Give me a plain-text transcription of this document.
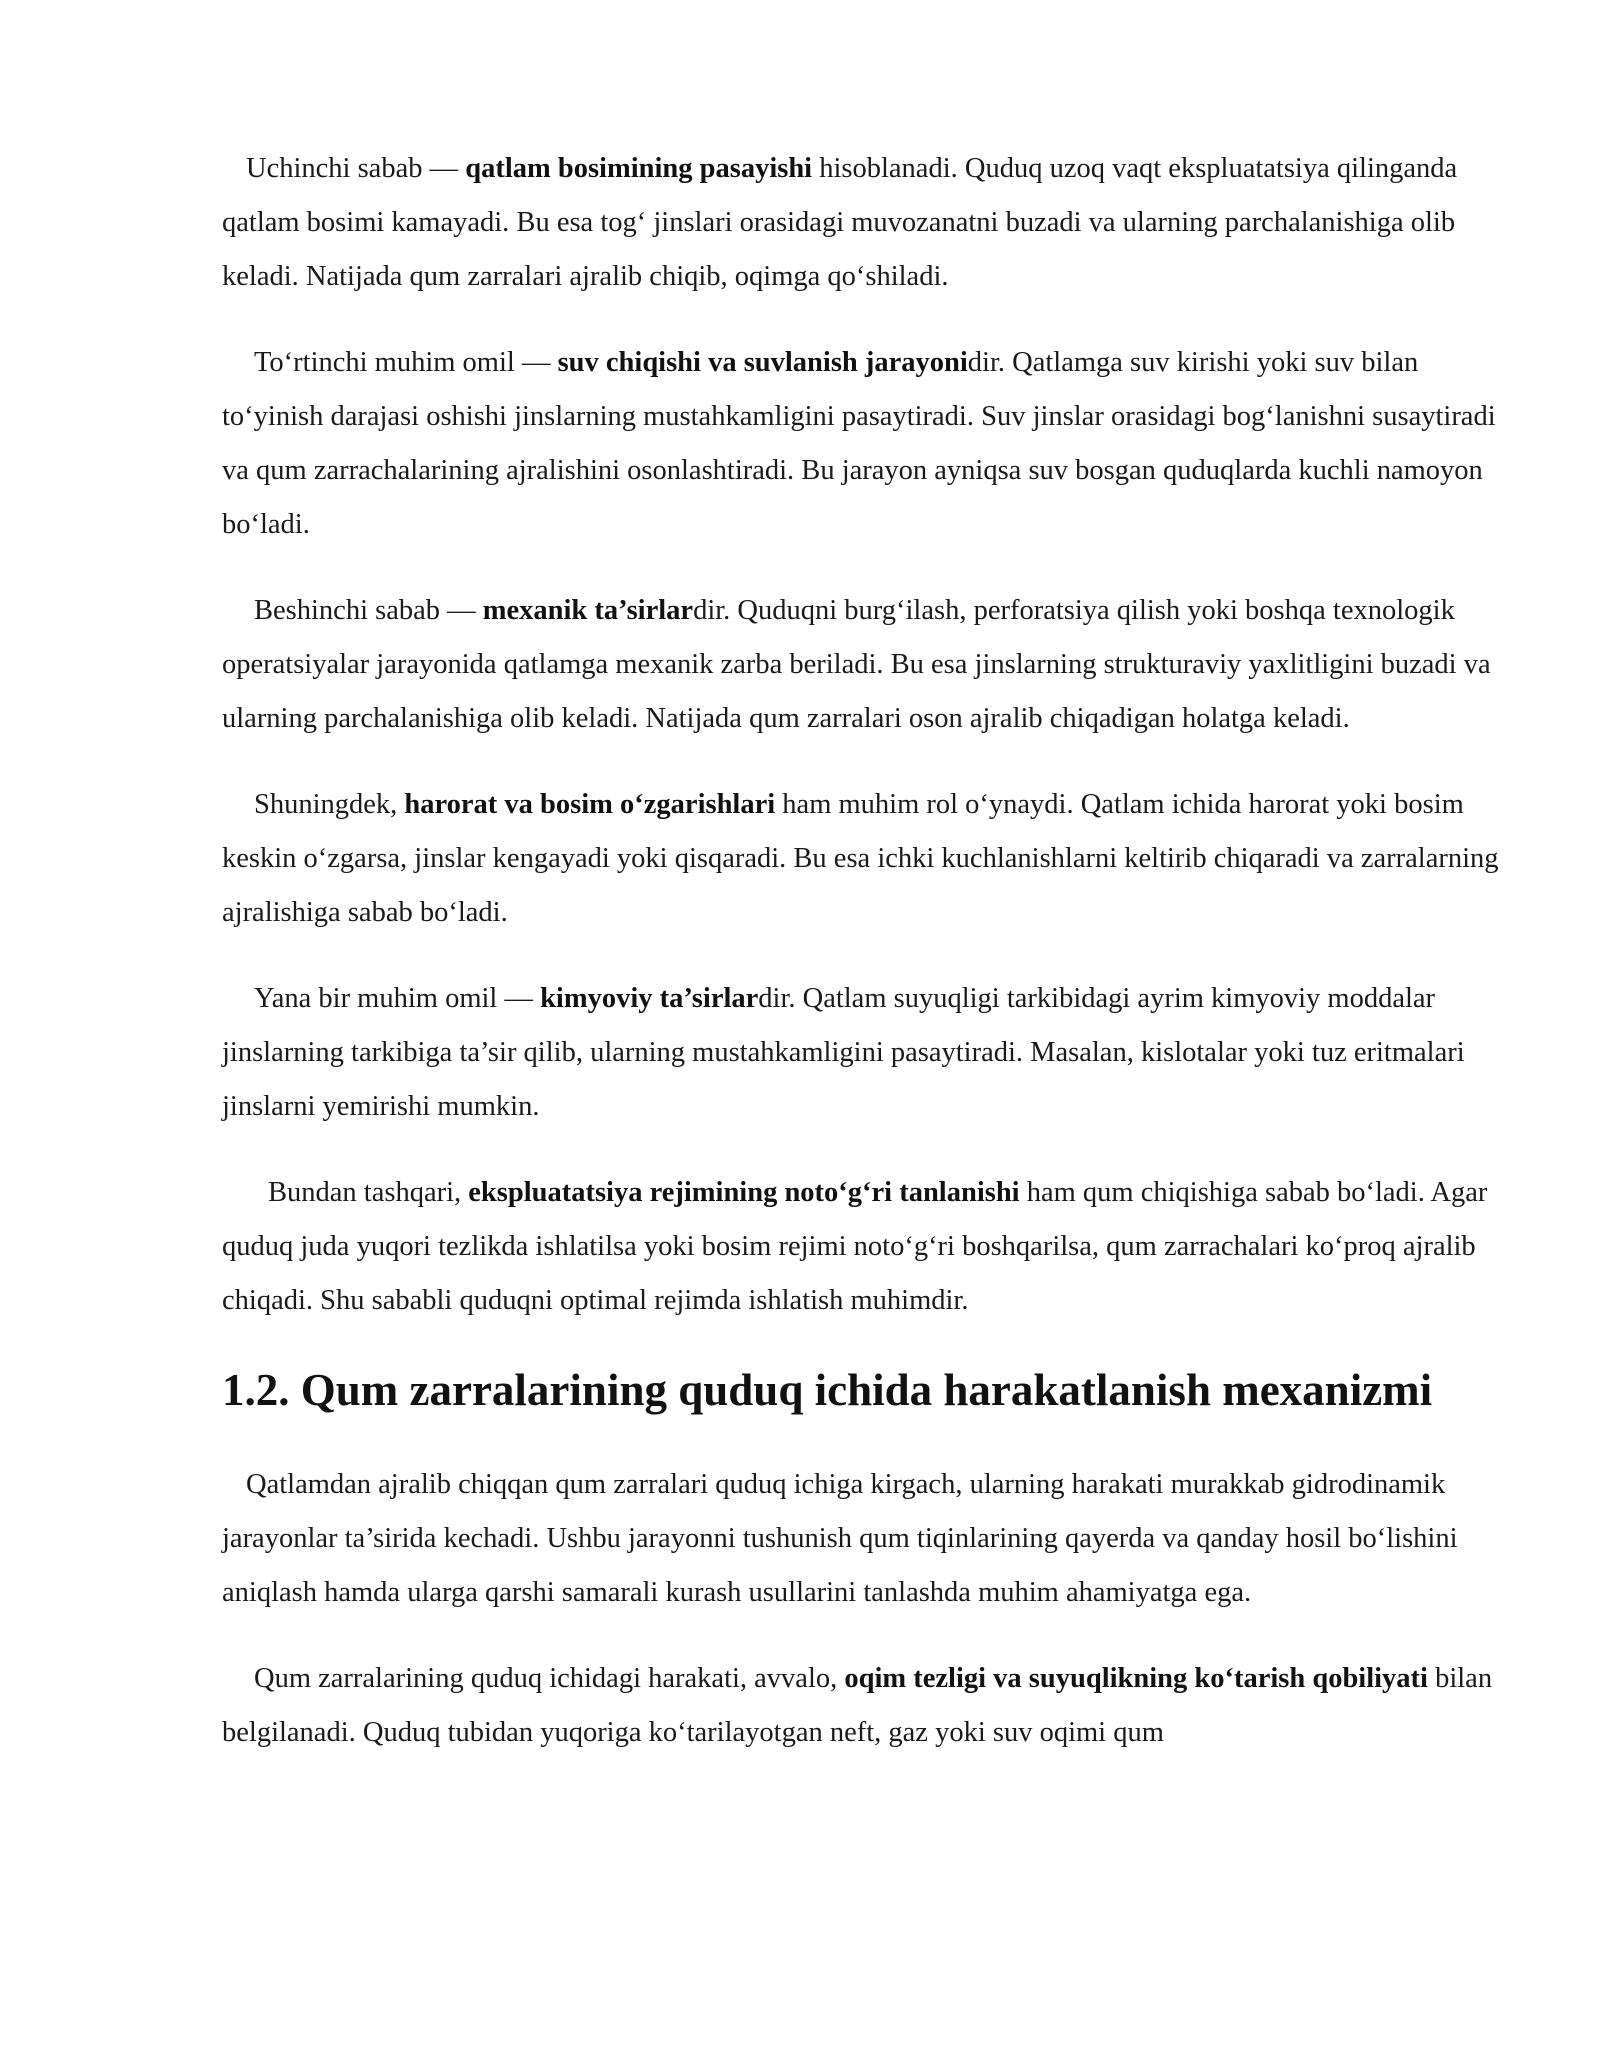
Uchinchi sabab — qatlam bosimining pasayishi hisoblanadi. Quduq uzoq vaqt ekspluatatsiya qilinganda qatlam bosimi kamayadi. Bu esa tog‘ jinslari orasidagi muvozanatni buzadi va ularning parchalanishiga olib keladi. Natijada qum zarralari ajralib chiqib, oqimga qo‘shiladi.

To‘rtinchi muhim omil — suv chiqishi va suvlanish jarayonidir. Qatlamga suv kirishi yoki suv bilan to‘yinish darajasi oshishi jinslarning mustahkamligini pasaytiradi. Suv jinslar orasidagi bog‘lanishni susaytiradi va qum zarrachalarining ajralishini osonlashtiradi. Bu jarayon ayniqsa suv bosgan quduqlarda kuchli namoyon bo‘ladi.

Beshinchi sabab — mexanik ta’sirlardir. Quduqni burg‘ilash, perforatsiya qilish yoki boshqa texnologik operatsiyalar jarayonida qatlamga mexanik zarba beriladi. Bu esa jinslarning strukturaviy yaxlitligini buzadi va ularning parchalanishiga olib keladi. Natijada qum zarralari oson ajralib chiqadigan holatga keladi.

Shuningdek, harorat va bosim o‘zgarishlari ham muhim rol o‘ynaydi. Qatlam ichida harorat yoki bosim keskin o‘zgarsa, jinslar kengayadi yoki qisqaradi. Bu esa ichki kuchlanishlarni keltirib chiqaradi va zarralarning ajralishiga sabab bo‘ladi.

Yana bir muhim omil — kimyoviy ta’sirlardir. Qatlam suyuqligi tarkibidagi ayrim kimyoviy moddalar jinslarning tarkibiga ta’sir qilib, ularning mustahkamligini pasaytiradi. Masalan, kislotalar yoki tuz eritmalari jinslarni yemirishi mumkin.

Bundan tashqari, ekspluatatsiya rejimining noto‘g‘ri tanlanishi ham qum chiqishiga sabab bo‘ladi. Agar quduq juda yuqori tezlikda ishlatilsa yoki bosim rejimi noto‘g‘ri boshqarilsa, qum zarrachalari ko‘proq ajralib chiqadi. Shu sababli quduqni optimal rejimda ishlatish muhimdir.

1.2. Qum zarralarining quduq ichida harakatlanish mexanizmi

Qatlamdan ajralib chiqqan qum zarralari quduq ichiga kirgach, ularning harakati murakkab gidrodinamik jarayonlar ta’sirida kechadi. Ushbu jarayonni tushunish qum tiqinlarining qayerda va qanday hosil bo‘lishini aniqlash hamda ularga qarshi samarali kurash usullarini tanlashda muhim ahamiyatga ega.

Qum zarralarining quduq ichidagi harakati, avvalo, oqim tezligi va suyuqlikning ko‘tarish qobiliyati bilan belgilanadi. Quduq tubidan yuqoriga ko‘tarilayotgan neft, gaz yoki suv oqimi qum
